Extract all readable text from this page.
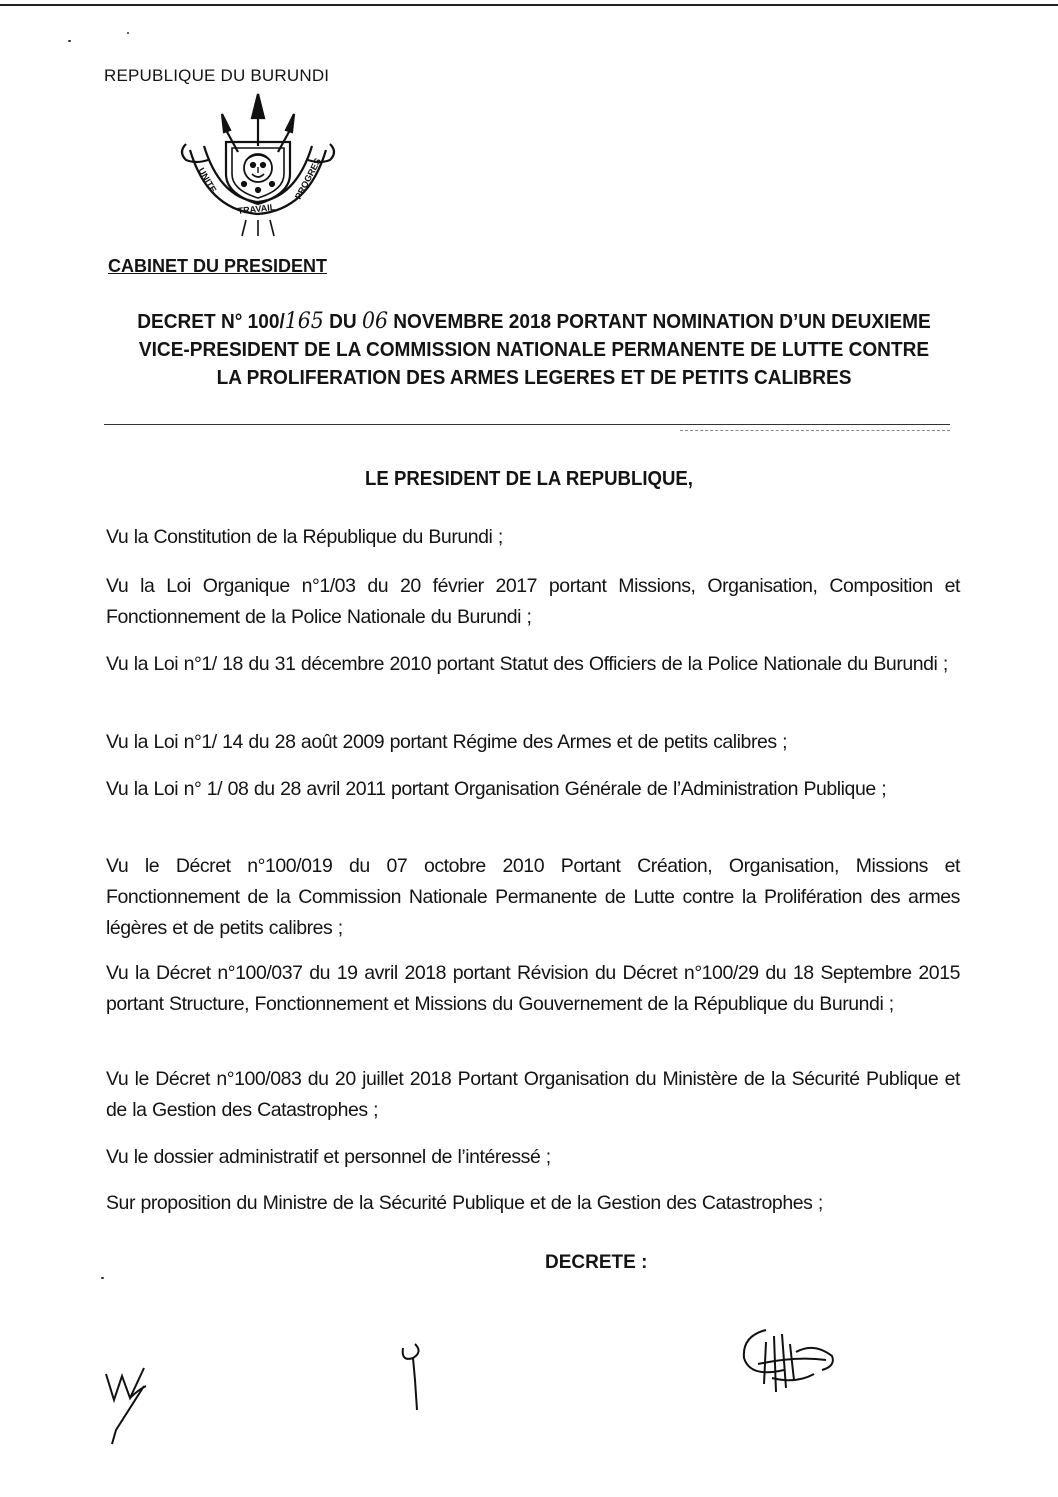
REPUBLIQUE DU BURUNDI
UNITE
TRAVAIL
PROGRES
CABINET DU PRESIDENT
DECRET N° 100/165 DU 06 NOVEMBRE 2018 PORTANT NOMINATION D’UN DEUXIEME VICE-PRESIDENT DE LA COMMISSION NATIONALE PERMANENTE DE LUTTE CONTRE LA PROLIFERATION DES ARMES LEGERES ET DE PETITS CALIBRES
LE PRESIDENT DE LA REPUBLIQUE,
Vu la Constitution de la République du Burundi ;
Vu la Loi Organique n°1/03 du 20 février 2017 portant Missions, Organisation, Composition et Fonctionnement de la Police Nationale du Burundi ;
Vu la Loi n°1/ 18 du 31 décembre 2010 portant Statut des Officiers de la Police Nationale du Burundi ;
Vu la Loi n°1/ 14 du 28 août 2009 portant Régime des Armes et de petits calibres ;
Vu la Loi n° 1/ 08 du 28 avril 2011 portant Organisation Générale de l’Administration Publique ;
Vu le Décret n°100/019 du 07 octobre 2010 Portant Création, Organisation, Missions et Fonctionnement de la Commission Nationale Permanente de Lutte contre la Prolifération des armes légères et de petits calibres ;
Vu la Décret n°100/037 du 19 avril 2018 portant Révision du Décret n°100/29 du 18 Septembre 2015 portant Structure, Fonctionnement et Missions du Gouvernement de la République du Burundi ;
Vu le Décret n°100/083 du 20 juillet 2018 Portant Organisation du Ministère de la Sécurité Publique et de la Gestion des Catastrophes ;
Vu le dossier administratif et personnel de l’intéressé ;
Sur proposition du Ministre de la Sécurité Publique et de la Gestion des Catastrophes ;
DECRETE :
